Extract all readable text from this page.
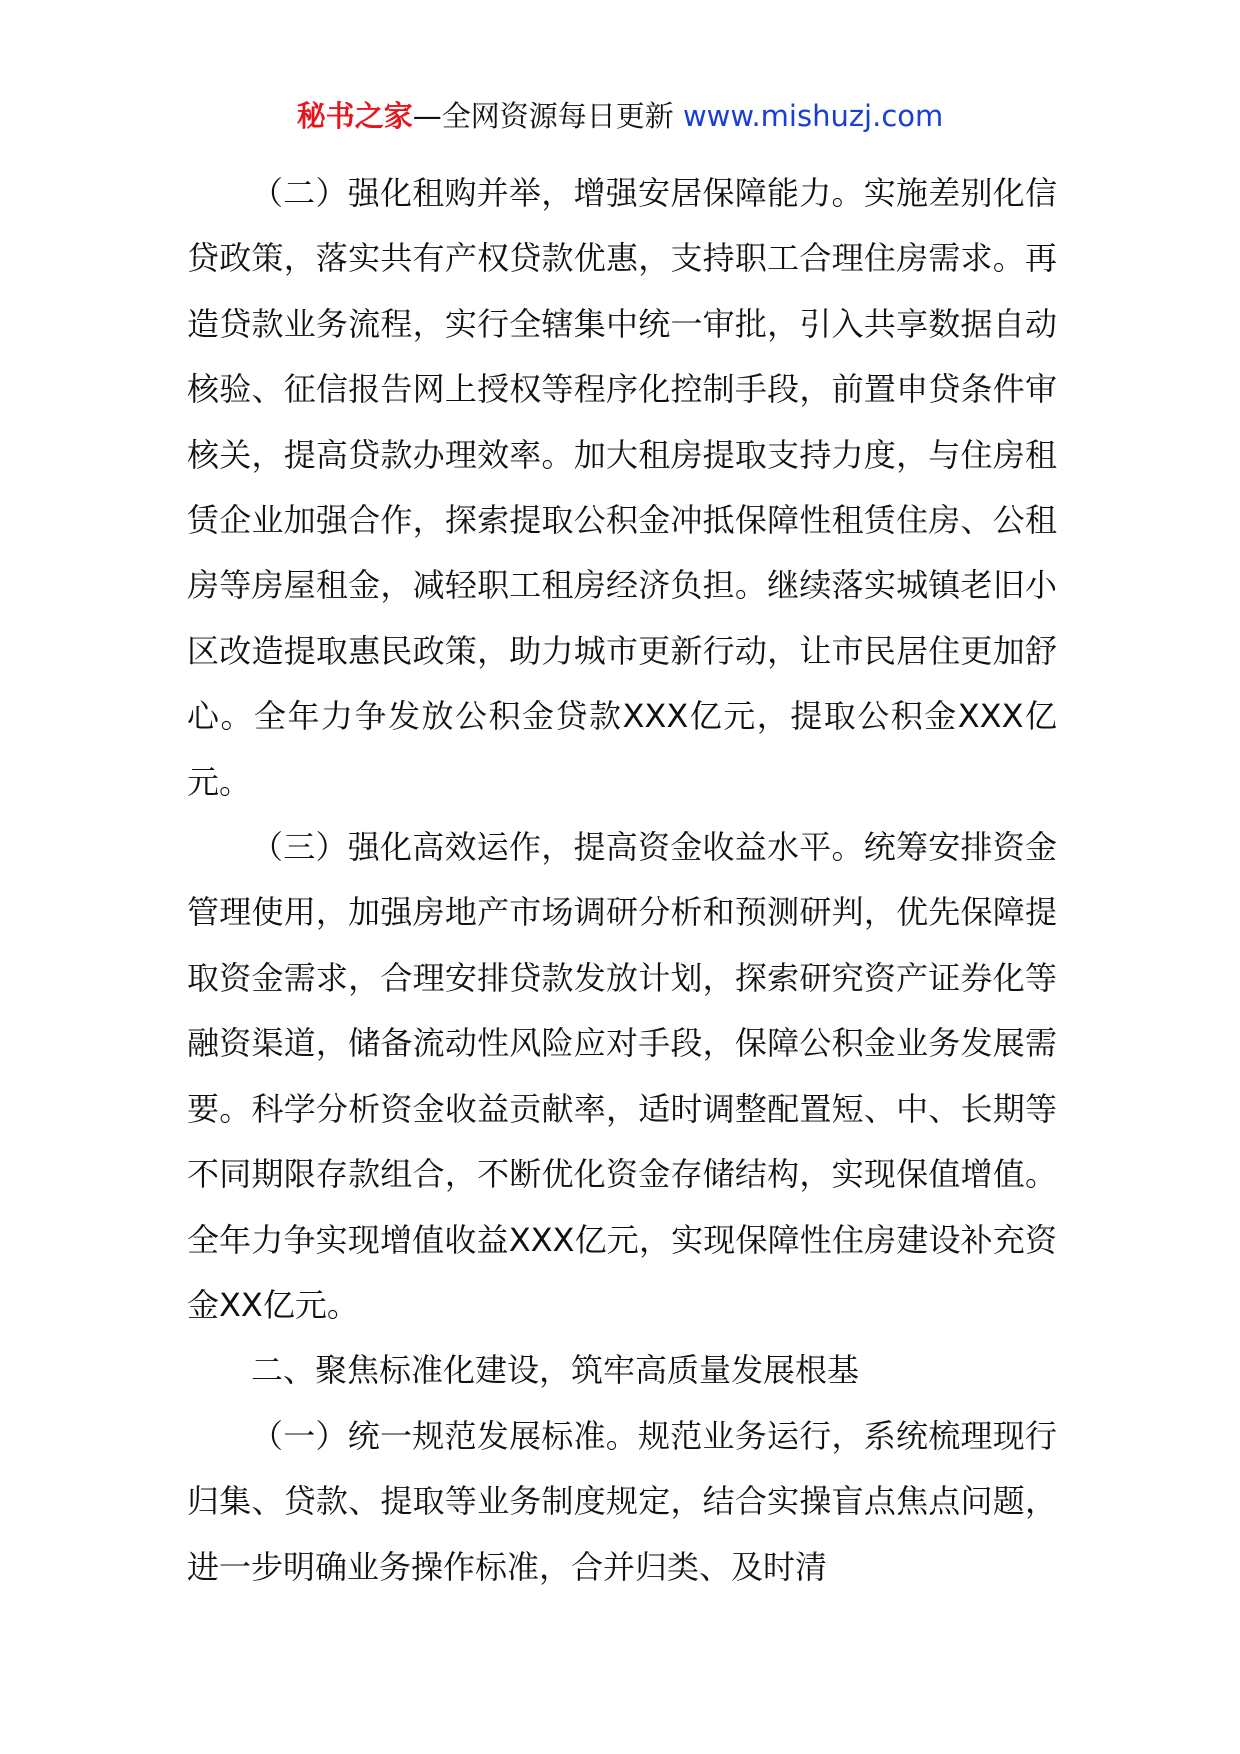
秘书之家—全网资源每日更新 www.mishuzj.com

（二）强化租购并举，增强安居保障能力。实施差别化信贷政策，落实共有产权贷款优惠，支持职工合理住房需求。再造贷款业务流程，实行全辖集中统一审批，引入共享数据自动核验、征信报告网上授权等程序化控制手段，前置申贷条件审核关，提高贷款办理效率。加大租房提取支持力度，与住房租赁企业加强合作，探索提取公积金冲抵保障性租赁住房、公租房等房屋租金，减轻职工租房经济负担。继续落实城镇老旧小区改造提取惠民政策，助力城市更新行动，让市民居住更加舒心。全年力争发放公积金贷款XXX亿元，提取公积金XXX亿元。

（三）强化高效运作，提高资金收益水平。统筹安排资金管理使用，加强房地产市场调研分析和预测研判，优先保障提取资金需求，合理安排贷款发放计划，探索研究资产证券化等融资渠道，储备流动性风险应对手段，保障公积金业务发展需要。科学分析资金收益贡献率，适时调整配置短、中、长期等不同期限存款组合，不断优化资金存储结构，实现保值增值。全年力争实现增值收益XXX亿元，实现保障性住房建设补充资金XX亿元。

二、聚焦标准化建设，筑牢高质量发展根基

（一）统一规范发展标准。规范业务运行，系统梳理现行归集、贷款、提取等业务制度规定，结合实操盲点焦点问题，进一步明确业务操作标准，合并归类、及时清
